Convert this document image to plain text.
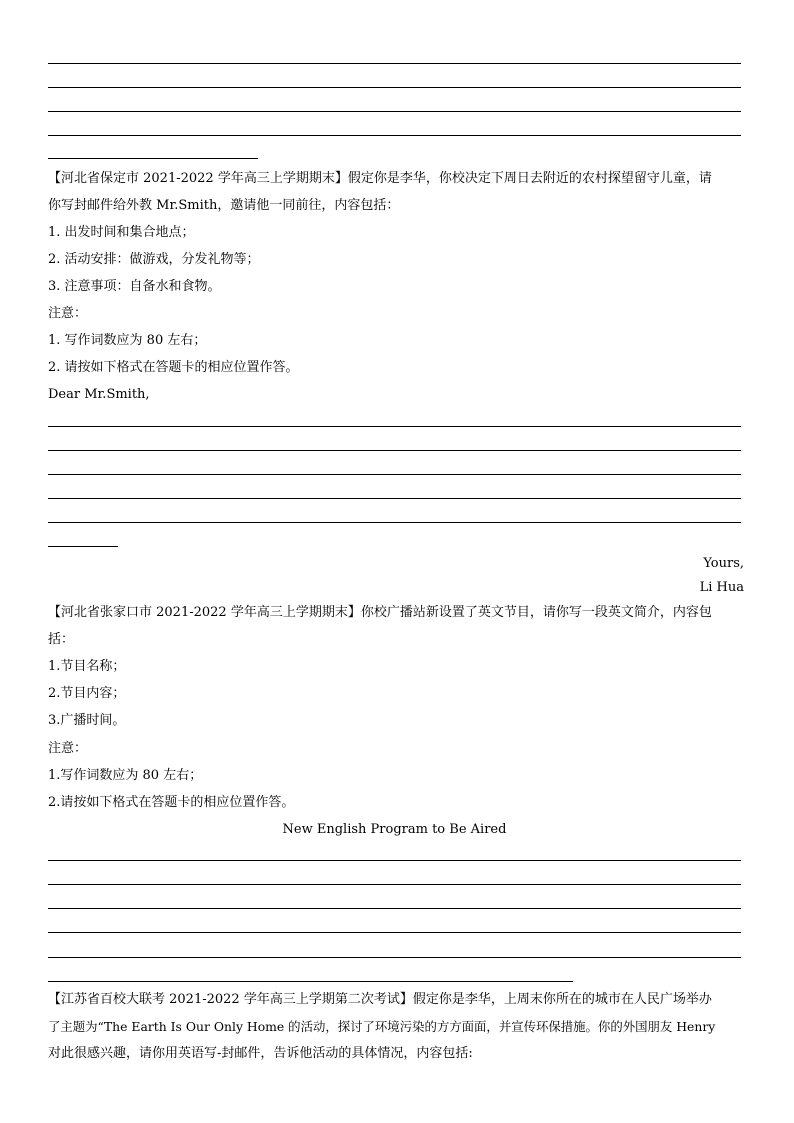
【河北省保定市 2021-2022 学年高三上学期期末】假定你是李华，你校决定下周日去附近的农村探望留守儿童，请
你写封邮件给外教 Mr.Smith，邀请他一同前往，内容包括：
1. 出发时间和集合地点；
2. 活动安排：做游戏，分发礼物等；
3. 注意事项：自备水和食物。
注意：
1. 写作词数应为 80 左右；
2. 请按如下格式在答题卡的相应位置作答。
Dear Mr.Smith,
Yours,
Li Hua
【河北省张家口市 2021-2022 学年高三上学期期末】你校广播站新设置了英文节目，请你写一段英文简介，内容包
括：
1.节目名称；
2.节目内容；
3.广播时间。
注意：
1.写作词数应为 80 左右；
2.请按如下格式在答题卡的相应位置作答。
New English Program to Be Aired
【江苏省百校大联考 2021-2022 学年高三上学期第二次考试】假定你是李华，上周末你所在的城市在人民广场举办
了主题为“The Earth Is Our Only Home 的活动，探讨了环境污染的方方面面，并宣传环保措施。你的外国朋友 Henry
对此很感兴趣，请你用英语写-封邮件，告诉他活动的具体情况，内容包括:
